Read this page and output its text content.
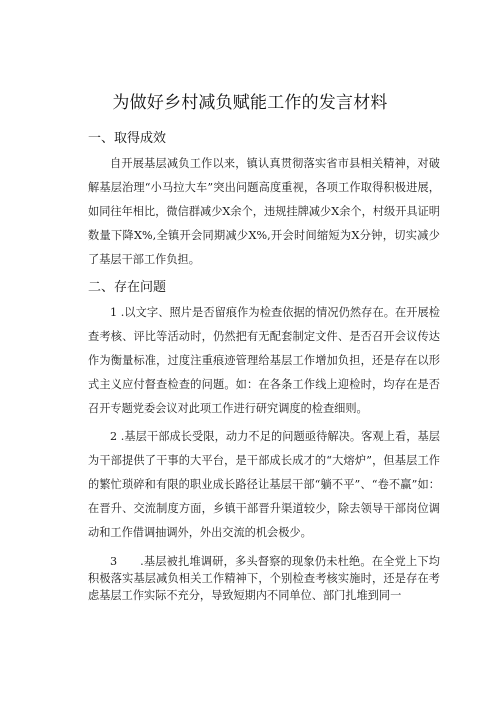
为做好乡村减负赋能工作的发言材料
一、取得成效

自开展基层减负工作以来，镇认真贯彻落实省市县相关精神，对破解基层治理“小马拉大车”突出问题高度重视，各项工作取得积极进展，如同往年相比，微信群减少X余个，违规挂牌减少X余个，村级开具证明数量下降X%,全镇开会同期减少X%,开会时间缩短为X分钟，切实减少了基层干部工作负担。

二、存在问题

1 .以文字、照片是否留痕作为检查依据的情况仍然存在。在开展检查考核、评比等活动时，仍然把有无配套制定文件、是否召开会议传达作为衡量标准，过度注重痕迹管理给基层工作增加负担，还是存在以形式主义应付督查检查的问题。如：在各条工作线上迎检时，均存在是否召开专题党委会议对此项工作进行研究调度的检查细则。

2 .基层干部成长受限，动力不足的问题亟待解决。客观上看，基层为干部提供了干事的大平台，是干部成长成才的“大熔炉”，但基层工作的繁忙琐碎和有限的职业成长路径让基层干部“躺不平”、“卷不赢”如：在晋升、交流制度方面，乡镇干部晋升渠道较少，除去领导干部岗位调动和工作借调抽调外，外出交流的机会极少。

3　　.基层被扎堆调研，多头督察的现象仍未杜绝。在全党上下均积极落实基层减负相关工作精神下，个别检查考核实施时，还是存在考虑基层工作实际不充分，导致短期内不同单位、部门扎堆到同一
